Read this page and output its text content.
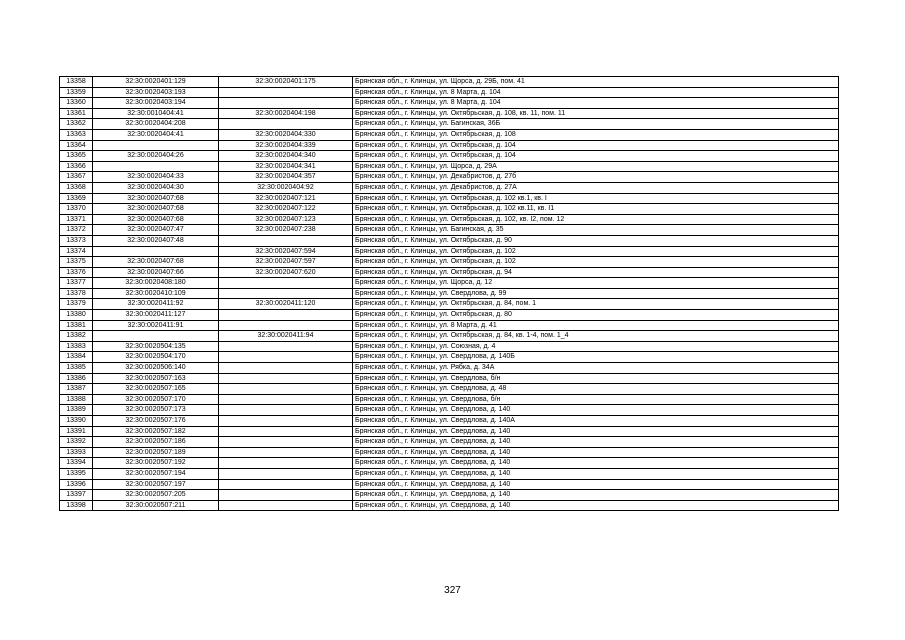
13358	32:30:0020401:129	32:30:0020401:175	Брянская обл., г. Клинцы, ул. Щорса, д. 29Б, пом. 41
13359	32:30:0020403:193		Брянская обл., г. Клинцы, ул. 8 Марта, д. 104
13360	32:30:0020403:194		Брянская обл., г. Клинцы, ул. 8 Марта, д. 104
13361	32:30:0010404:41	32:30:0020404:198	Брянская обл., г. Клинцы, ул. Октябрьская, д. 108, кв. 11, пом. 11
13362	32:30:0020404:208		Брянская обл., г. Клинцы, ул. Багинская, 36Б
13363	32:30:0020404:41	32:30:0020404:330	Брянская обл., г. Клинцы, ул. Октябрьская, д. 108
13364		32:30:0020404:339	Брянская обл., г. Клинцы, ул. Октябрьская, д. 104
13365	32:30:0020404:26	32:30:0020404:340	Брянская обл., г. Клинцы, ул. Октябрьская, д. 104
13366		32:30:0020404:341	Брянская обл., г. Клинцы, ул. Щорса, д. 29А
13367	32:30:0020404:33	32:30:0020404:357	Брянская обл., г. Клинцы, ул. Декабристов, д. 27б
13368	32:30:0020404:30	32:30:0020404:92	Брянская обл., г. Клинцы, ул. Декабристов, д. 27А
13369	32:30:0020407:68	32:30:0020407:121	Брянская обл., г. Клинцы, ул. Октябрьская, д. 102 кв.1, кв. I
13370	32:30:0020407:68	32:30:0020407:122	Брянская обл., г. Клинцы, ул. Октябрьская, д. 102 кв.11, кв. I1
13371	32:30:0020407:68	32:30:0020407:123	Брянская обл., г. Клинцы, ул. Октябрьская, д. 102, кв. I2, пом. 12
13372	32:30:0020407:47	32:30:0020407:238	Брянская обл., г. Клинцы, ул. Багинская, д. 35
13373	32:30:0020407:48		Брянская обл., г. Клинцы, ул. Октябрьская, д. 90
13374		32:30:0020407:594	Брянская обл., г. Клинцы, ул. Октябрьская, д. 102
13375	32:30:0020407:68	32:30:0020407:597	Брянская обл., г. Клинцы, ул. Октябрьская, д. 102
13376	32:30:0020407:66	32:30:0020407:620	Брянская обл., г. Клинцы, ул. Октябрьская, д. 94
13377	32:30:0020408:180		Брянская обл., г. Клинцы, ул. Щорса, д. 12
13378	32:30:0020410:109		Брянская обл., г. Клинцы, ул. Свердлова, д. 99
13379	32:30:0020411:92	32:30:0020411:120	Брянская обл., г. Клинцы, ул. Октябрьская, д. 84, пом. 1
13380	32:30:0020411:127		Брянская обл., г. Клинцы, ул. Октябрьская, д. 80
13381	32:30:0020411:91		Брянская обл., г. Клинцы, ул. 8 Марта, д. 41
13382		32:30:0020411:94	Брянская обл., г. Клинцы, ул. Октябрьская, д. 84, кв. 1-4, пом. 1_4
13383	32:30:0020504:135		Брянская обл., г. Клинцы, ул. Союзная, д. 4
13384	32:30:0020504:170		Брянская обл., г. Клинцы, ул. Свердлова, д. 140Б
13385	32:30:0020506:140		Брянская обл., г. Клинцы, ул. Рябка, д. 34А
13386	32:30:0020507:163		Брянская обл., г. Клинцы, ул. Свердлова, б/н
13387	32:30:0020507:165		Брянская обл., г. Клинцы, ул. Свердлова, д. 48
13388	32:30:0020507:170		Брянская обл., г. Клинцы, ул. Свердлова, б/н
13389	32:30:0020507:173		Брянская обл., г. Клинцы, ул. Свердлова, д. 140
13390	32:30:0020507:176		Брянская обл., г. Клинцы, ул. Свердлова, д. 140А
13391	32:30:0020507:182		Брянская обл., г. Клинцы, ул. Свердлова, д. 140
13392	32:30:0020507:186		Брянская обл., г. Клинцы, ул. Свердлова, д. 140
13393	32:30:0020507:189		Брянская обл., г. Клинцы, ул. Свердлова, д. 140
13394	32:30:0020507:192		Брянская обл., г. Клинцы, ул. Свердлова, д. 140
13395	32:30:0020507:194		Брянская обл., г. Клинцы, ул. Свердлова, д. 140
13396	32:30:0020507:197		Брянская обл., г. Клинцы, ул. Свердлова, д. 140
13397	32:30:0020507:205		Брянская обл., г. Клинцы, ул. Свердлова, д. 140
13398	32:30:0020507:211		Брянская обл., г. Клинцы, ул. Свердлова, д. 140
327
